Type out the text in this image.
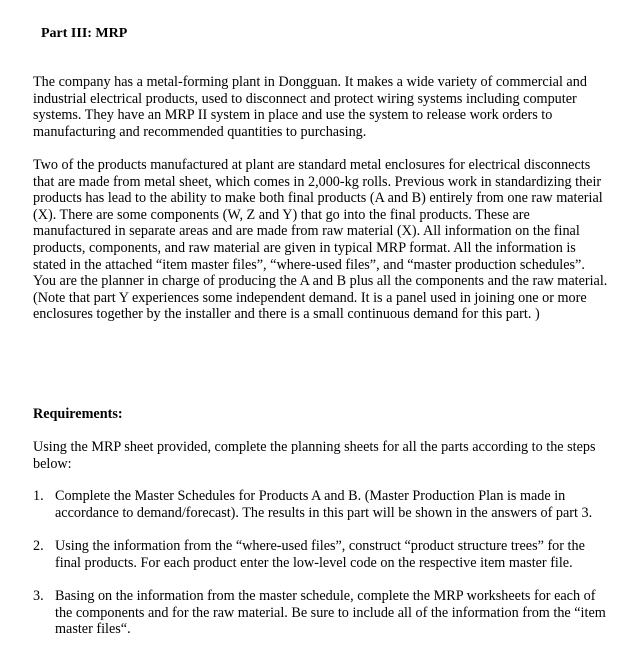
Part III: MRP

The company has a metal-forming plant in Dongguan. It makes a wide variety of commercial and
industrial electrical products, used to disconnect and protect wiring systems including computer
systems. They have an MRP II system in place and use the system to release work orders to
manufacturing and recommended quantities to purchasing.

Two of the products manufactured at plant are standard metal enclosures for electrical disconnects
that are made from metal sheet, which comes in 2,000-kg rolls. Previous work in standardizing their
products has lead to the ability to make both final products (A and B) entirely from one raw material
(X). There are some components (W, Z and Y) that go into the final products. These are
manufactured in separate areas and are made from raw material (X). All information on the final
products, components, and raw material are given in typical MRP format. All the information is
stated in the attached “item master files”, “where-used files”, and “master production schedules”.
You are the planner in charge of producing the A and B plus all the components and the raw material.
(Note that part Y experiences some independent demand. It is a panel used in joining one or more
enclosures together by the installer and there is a small continuous demand for this part. )

Requirements:

Using the MRP sheet provided, complete the planning sheets for all the parts according to the steps
below:

1. Complete the Master Schedules for Products A and B. (Master Production Plan is made in
accordance to demand/forecast). The results in this part will be shown in the answers of part 3.
2. Using the information from the “where-used files”, construct “product structure trees” for the
final products. For each product enter the low-level code on the respective item master file.
3. Basing on the information from the master schedule, complete the MRP worksheets for each of
the components and for the raw material. Be sure to include all of the information from the “item
master files“.
